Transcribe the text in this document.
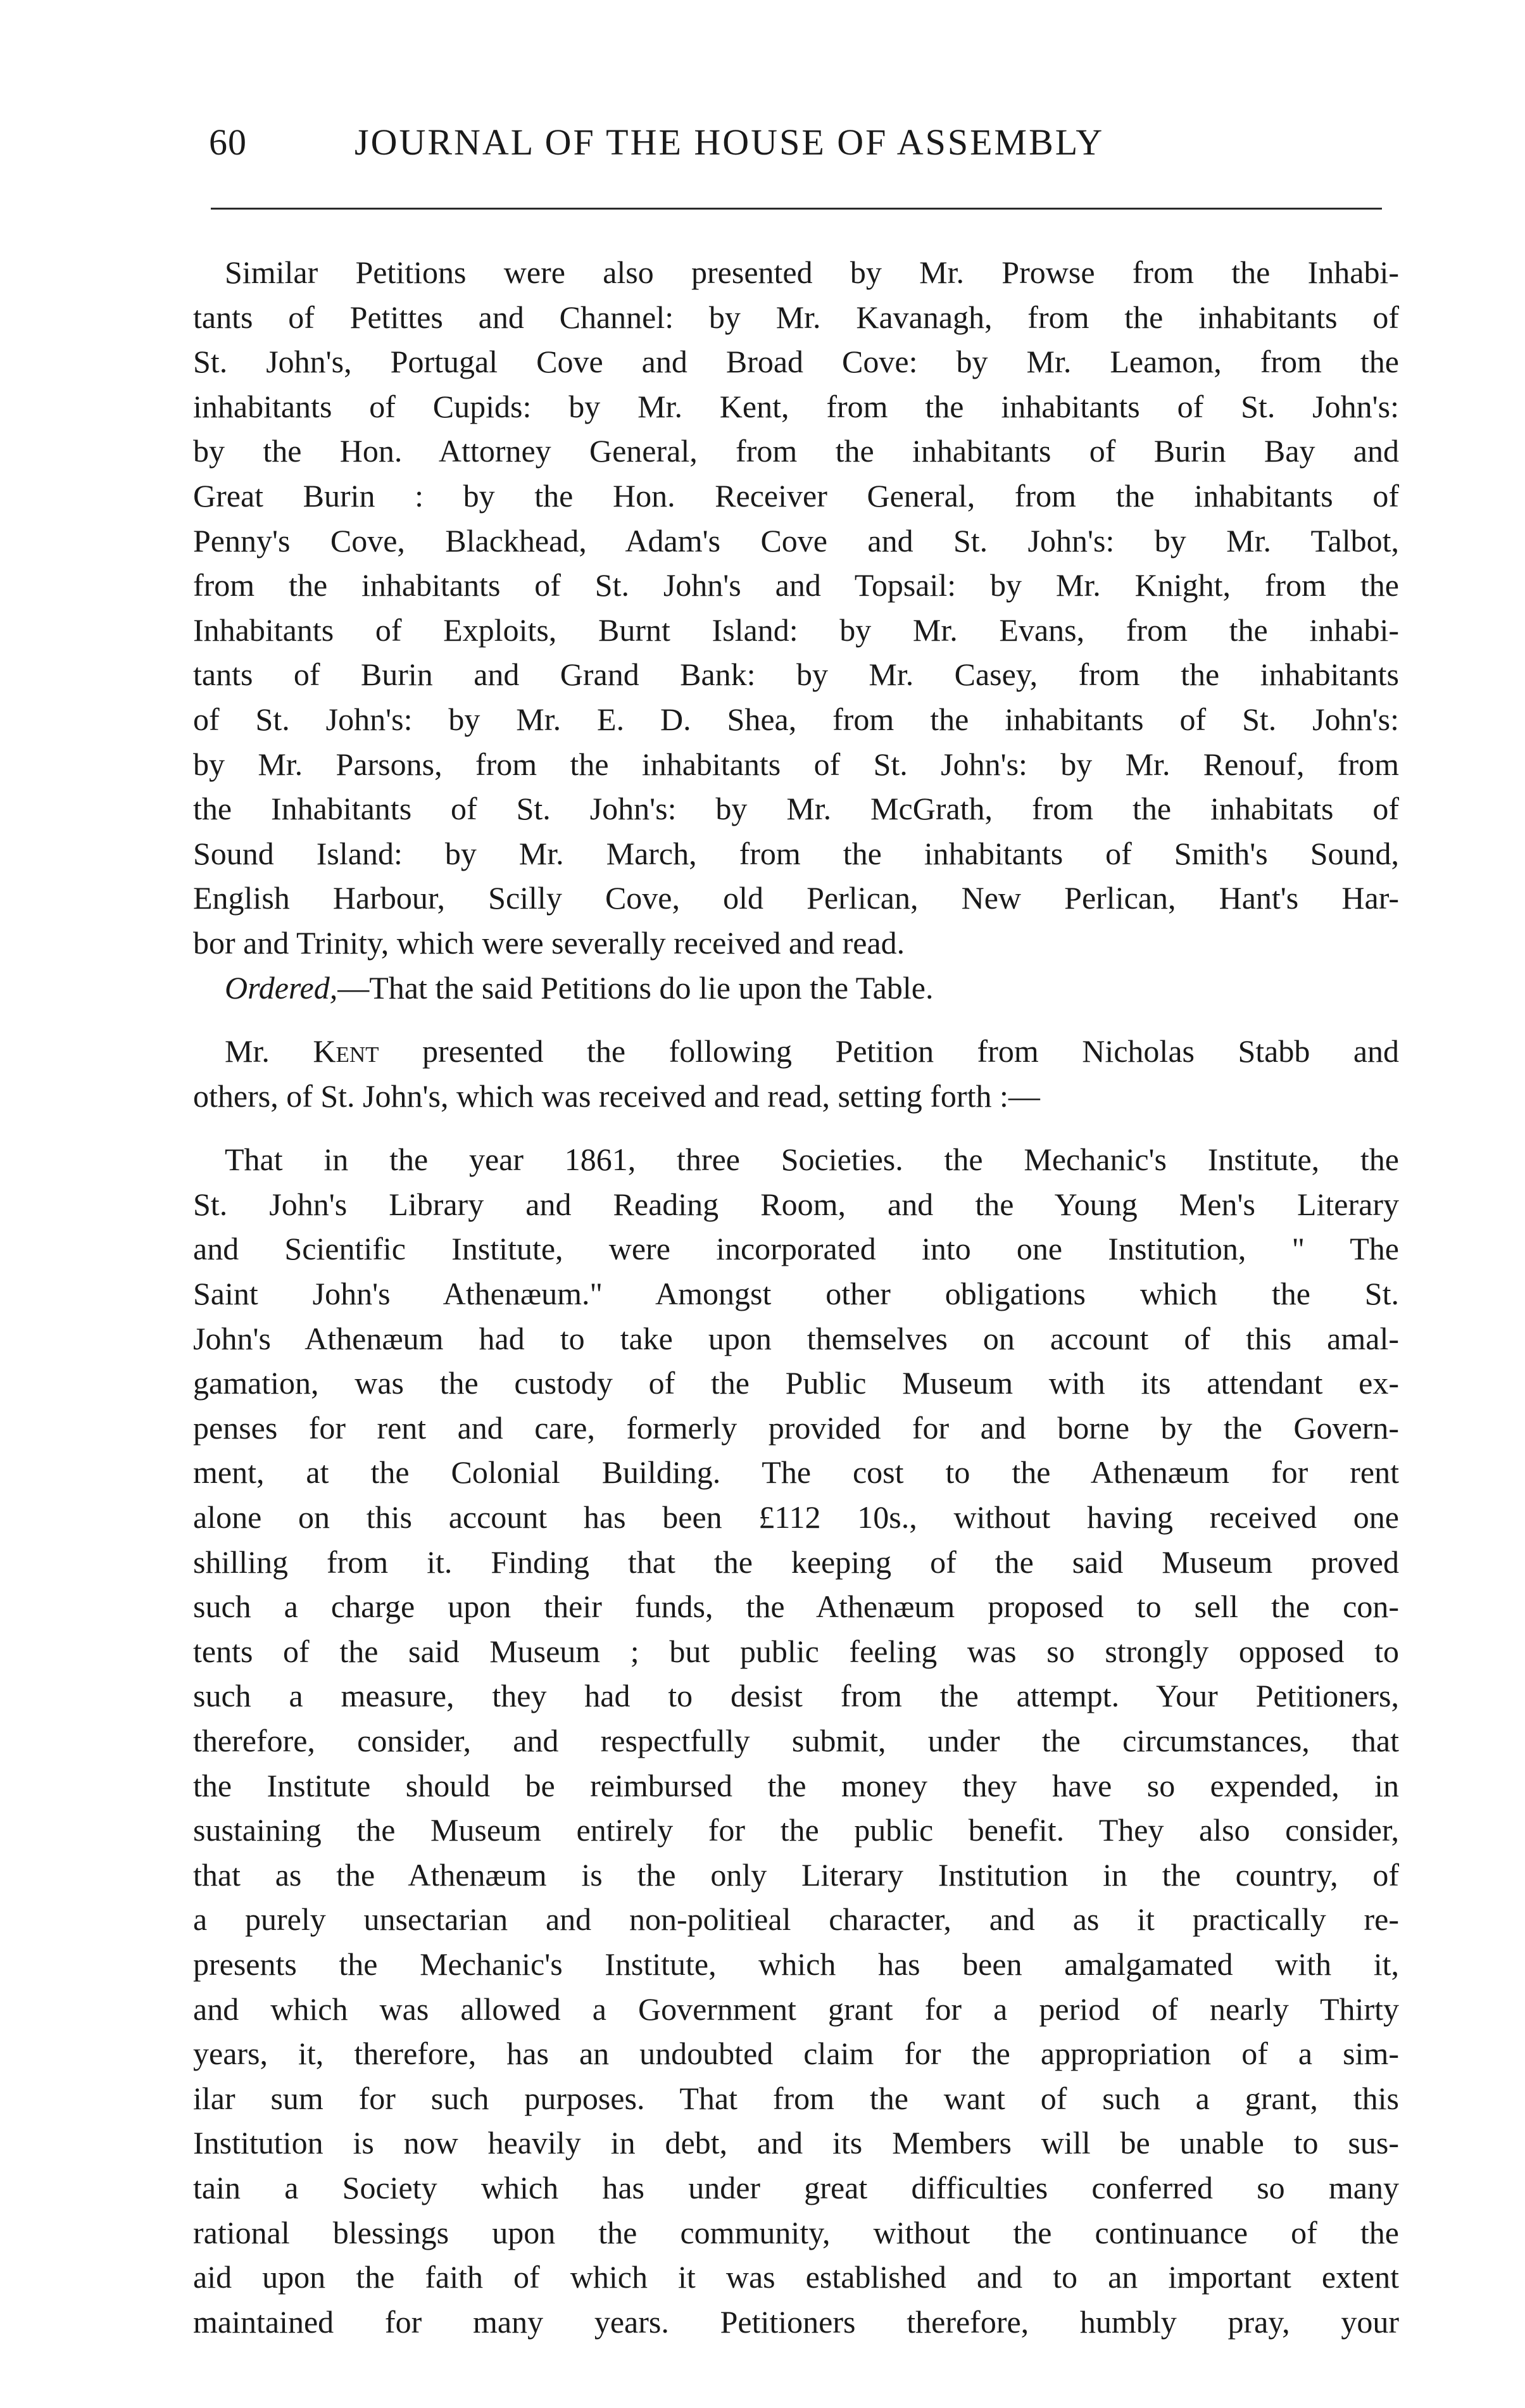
60	JOURNAL OF THE HOUSE OF ASSEMBLY
Similar Petitions were also presented by Mr. Prowse from the Inhabi-
tants of Petittes and Channel: by Mr. Kavanagh, from the inhabitants of
St. John's, Portugal Cove and Broad Cove: by Mr. Leamon, from the
inhabitants of Cupids: by Mr. Kent, from the inhabitants of St. John's:
by the Hon. Attorney General, from the inhabitants of Burin Bay and
Great Burin : by the Hon. Receiver General, from the inhabitants of
Penny's Cove, Blackhead, Adam's Cove and St. John's: by Mr. Talbot,
from the inhabitants of St. John's and Topsail: by Mr. Knight, from the
Inhabitants of Exploits, Burnt Island: by Mr. Evans, from the inhabi-
tants of Burin and Grand Bank: by Mr. Casey, from the inhabitants
of St. John's: by Mr. E. D. Shea, from the inhabitants of St. John's:
by Mr. Parsons, from the inhabitants of St. John's: by Mr. Renouf, from
the Inhabitants of St. John's: by Mr. McGrath, from the inhabitats of
Sound Island: by Mr. March, from the inhabitants of Smith's Sound,
English Harbour, Scilly Cove, old Perlican, New Perlican, Hant's Har-
bor and Trinity, which were severally received and read.
Ordered,—That the said Petitions do lie upon the Table.
Mr. Kent presented the following Petition from Nicholas Stabb and
others, of St. John's, which was received and read, setting forth :—
That in the year 1861, three Societies. the Mechanic's Institute, the
St. John's Library and Reading Room, and the Young Men's Literary
and Scientific Institute, were incorporated into one Institution, " The
Saint John's Athenæum." Amongst other obligations which the St.
John's Athenæum had to take upon themselves on account of this amal-
gamation, was the custody of the Public Museum with its attendant ex-
penses for rent and care, formerly provided for and borne by the Govern-
ment, at the Colonial Building. The cost to the Athenæum for rent
alone on this account has been £112 10s., without having received one
shilling from it. Finding that the keeping of the said Museum proved
such a charge upon their funds, the Athenæum proposed to sell the con-
tents of the said Museum ; but public feeling was so strongly opposed to
such a measure, they had to desist from the attempt. Your Petitioners,
therefore, consider, and respectfully submit, under the circumstances, that
the Institute should be reimbursed the money they have so expended, in
sustaining the Museum entirely for the public benefit. They also consider,
that as the Athenæum is the only Literary Institution in the country, of
a purely unsectarian and non-politieal character, and as it practically re-
presents the Mechanic's Institute, which has been amalgamated with it,
and which was allowed a Government grant for a period of nearly Thirty
years, it, therefore, has an undoubted claim for the appropriation of a sim-
ilar sum for such purposes. That from the want of such a grant, this
Institution is now heavily in debt, and its Members will be unable to sus-
tain a Society which has under great difficulties conferred so many
rational blessings upon the community, without the continuance of the
aid upon the faith of which it was established and to an important extent
maintained for many years. Petitioners therefore, humbly pray, your
